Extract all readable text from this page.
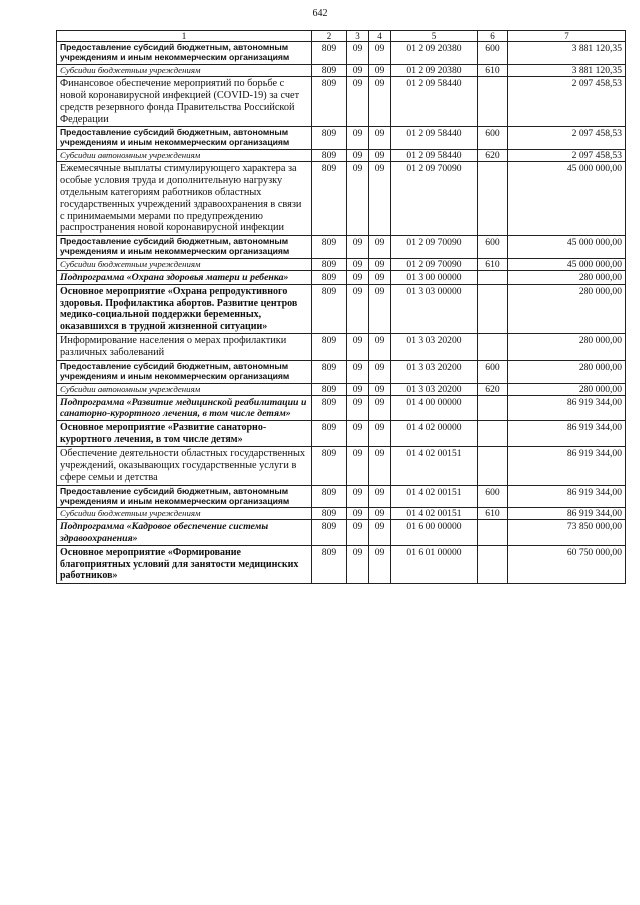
642
1	2	3	4	5	6	7
Предоставление субсидий бюджетным, автономным учреждениям и иным некоммерческим организациям	809	09	09	01 2 09 20380	600	3 881 120,35
Субсидии бюджетным учреждениям	809	09	09	01 2 09 20380	610	3 881 120,35
Финансовое обеспечение мероприятий по борьбе с новой коронавирусной инфекцией (COVID-19) за счет средств резервного фонда Правительства Российской Федерации	809	09	09	01 2 09 58440		2 097 458,53
Предоставление субсидий бюджетным, автономным учреждениям и иным некоммерческим организациям	809	09	09	01 2 09 58440	600	2 097 458,53
Субсидии автономным учреждениям	809	09	09	01 2 09 58440	620	2 097 458,53
Ежемесячные выплаты стимулирующего характера за особые условия труда и дополнительную нагрузку отдельным категориям работников областных государственных учреждений здравоохранения в связи с принимаемыми мерами по предупреждению распространения новой коронавирусной инфекции	809	09	09	01 2 09 70090		45 000 000,00
Предоставление субсидий бюджетным, автономным учреждениям и иным некоммерческим организациям	809	09	09	01 2 09 70090	600	45 000 000,00
Субсидии бюджетным учреждениям	809	09	09	01 2 09 70090	610	45 000 000,00
Подпрограмма «Охрана здоровья матери и ребенка»	809	09	09	01 3 00 00000		280 000,00
Основное мероприятие «Охрана репродуктивного здоровья. Профилактика абортов. Развитие центров медико-социальной поддержки беременных, оказавшихся в трудной жизненной ситуации»	809	09	09	01 3 03 00000		280 000,00
Информирование населения о мерах профилактики различных заболеваний	809	09	09	01 3 03 20200		280 000,00
Предоставление субсидий бюджетным, автономным учреждениям и иным некоммерческим организациям	809	09	09	01 3 03 20200	600	280 000,00
Субсидии автономным учреждениям	809	09	09	01 3 03 20200	620	280 000,00
Подпрограмма «Развитие медицинской реабилитации и санаторно-курортного лечения, в том числе детям»	809	09	09	01 4 00 00000		86 919 344,00
Основное мероприятие «Развитие санаторно-курортного лечения, в том числе детям»	809	09	09	01 4 02 00000		86 919 344,00
Обеспечение деятельности областных государственных учреждений, оказывающих государственные услуги в сфере семьи и детства	809	09	09	01 4 02 00151		86 919 344,00
Предоставление субсидий бюджетным, автономным учреждениям и иным некоммерческим организациям	809	09	09	01 4 02 00151	600	86 919 344,00
Субсидии бюджетным учреждениям	809	09	09	01 4 02 00151	610	86 919 344,00
Подпрограмма «Кадровое обеспечение системы здравоохранения»	809	09	09	01 6 00 00000		73 850 000,00
Основное мероприятие «Формирование благоприятных условий для занятости медицинских работников»	809	09	09	01 6 01 00000		60 750 000,00
